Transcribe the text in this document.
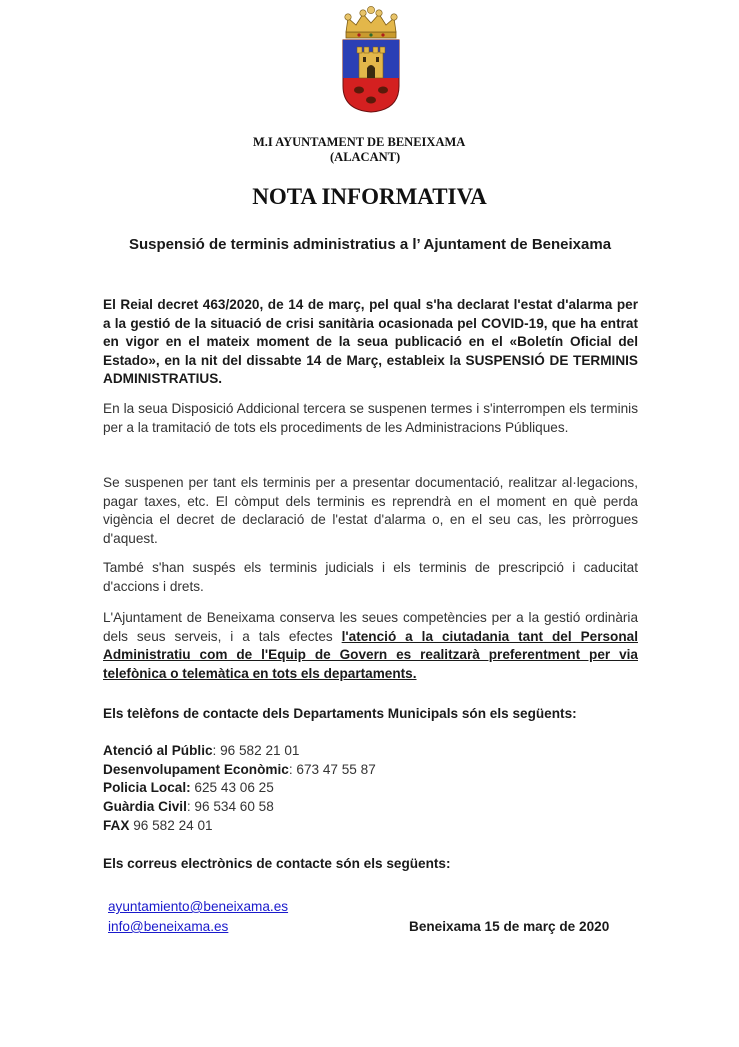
M.I AYUNTAMENT DE BENEIXAMA
(ALACANT)
NOTA INFORMATIVA
Suspensió de terminis administratius a l’ Ajuntament de Beneixama
El Reial decret 463/2020, de 14 de març, pel qual s'ha declarat l'estat d'alarma per a la gestió de la situació de crisi sanitària ocasionada pel COVID-19, que ha entrat en vigor en el mateix moment de la seua publicació en el «Boletín Oficial del Estado», en la nit del dissabte 14 de Març, estableix la SUSPENSIÓ DE TERMINIS ADMINISTRATIUS.
En la seua Disposició Addicional tercera se suspenen termes i s'interrompen els terminis per a la tramitació de tots els procediments de les Administracions Públiques.
Se suspenen per tant els terminis per a presentar documentació, realitzar al·legacions, pagar taxes, etc. El còmput dels terminis es reprendrà en el moment en què perda vigència el decret de declaració de l'estat d'alarma o, en el seu cas, les pròrrogues d'aquest.
També s'han suspés els terminis judicials i els terminis de prescripció i caducitat d'accions i drets.
L'Ajuntament de Beneixama conserva les seues competències per a la gestió ordinària dels seus serveis, i a tals efectes l'atenció a la ciutadania tant del Personal Administratiu com de l'Equip de Govern es realitzarà preferentment per via telefònica o telemàtica en tots els departaments.
Els telèfons de contacte dels Departaments Municipals són els següents:
Atenció al Públic: 96 582 21 01
Desenvolupament Econòmic: 673 47 55 87
Policia Local: 625 43 06 25
Guàrdia Civil: 96 534 60 58
FAX 96 582 24 01
Els correus electrònics de contacte són els següents:
ayuntamiento@beneixama.es
info@beneixama.es	Beneixama 15 de març de 2020
